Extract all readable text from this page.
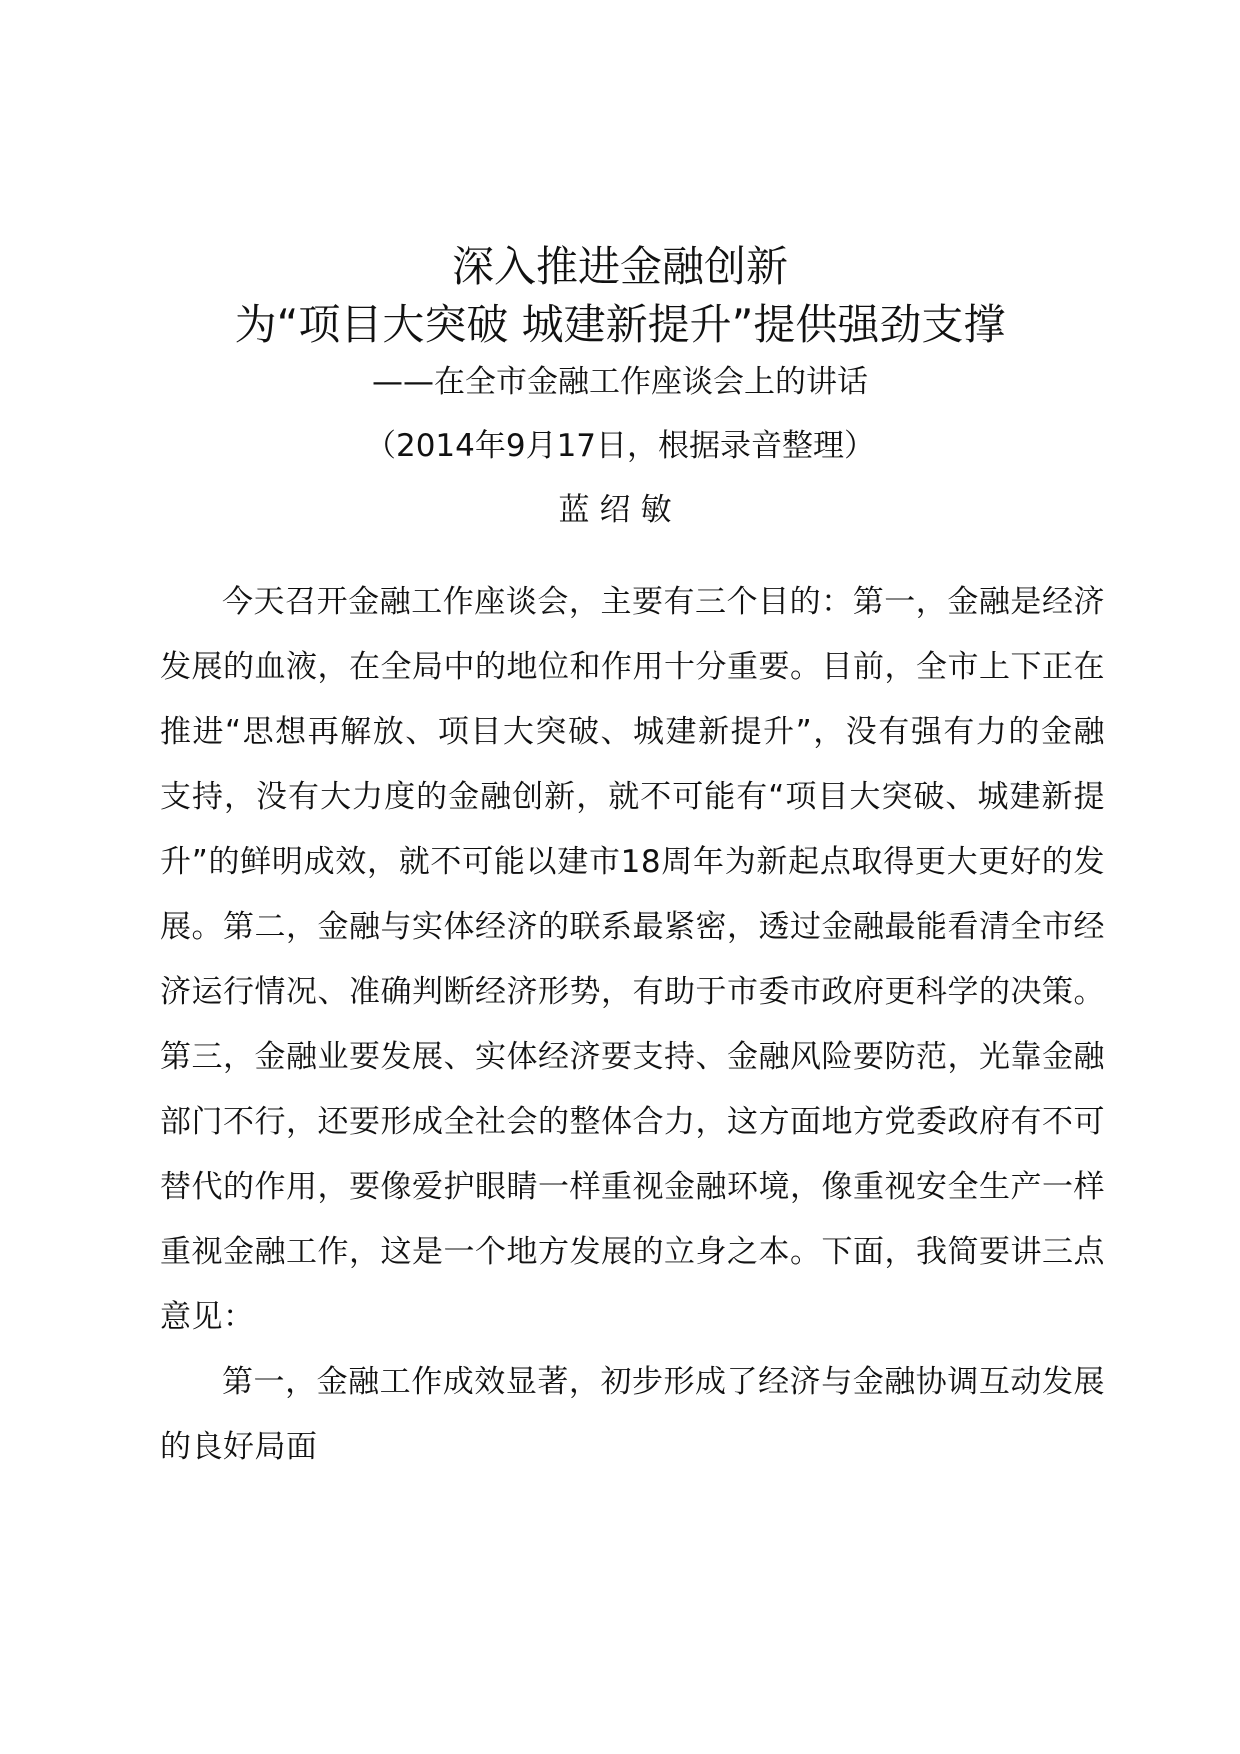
深入推进金融创新
为“项目大突破 城建新提升”提供强劲支撑
——在全市金融工作座谈会上的讲话
（2014年9月17日，根据录音整理）
蓝绍敏

今天召开金融工作座谈会，主要有三个目的：第一，金融是经济发展的血液，在全局中的地位和作用十分重要。目前，全市上下正在推进“思想再解放、项目大突破、城建新提升”，没有强有力的金融支持，没有大力度的金融创新，就不可能有“项目大突破、城建新提升”的鲜明成效，就不可能以建市18周年为新起点取得更大更好的发展。第二，金融与实体经济的联系最紧密，透过金融最能看清全市经济运行情况、准确判断经济形势，有助于市委市政府更科学的决策。第三，金融业要发展、实体经济要支持、金融风险要防范，光靠金融部门不行，还要形成全社会的整体合力，这方面地方党委政府有不可替代的作用，要像爱护眼睛一样重视金融环境，像重视安全生产一样重视金融工作，这是一个地方发展的立身之本。下面，我简要讲三点意见：

第一，金融工作成效显著，初步形成了经济与金融协调互动发展的良好局面
